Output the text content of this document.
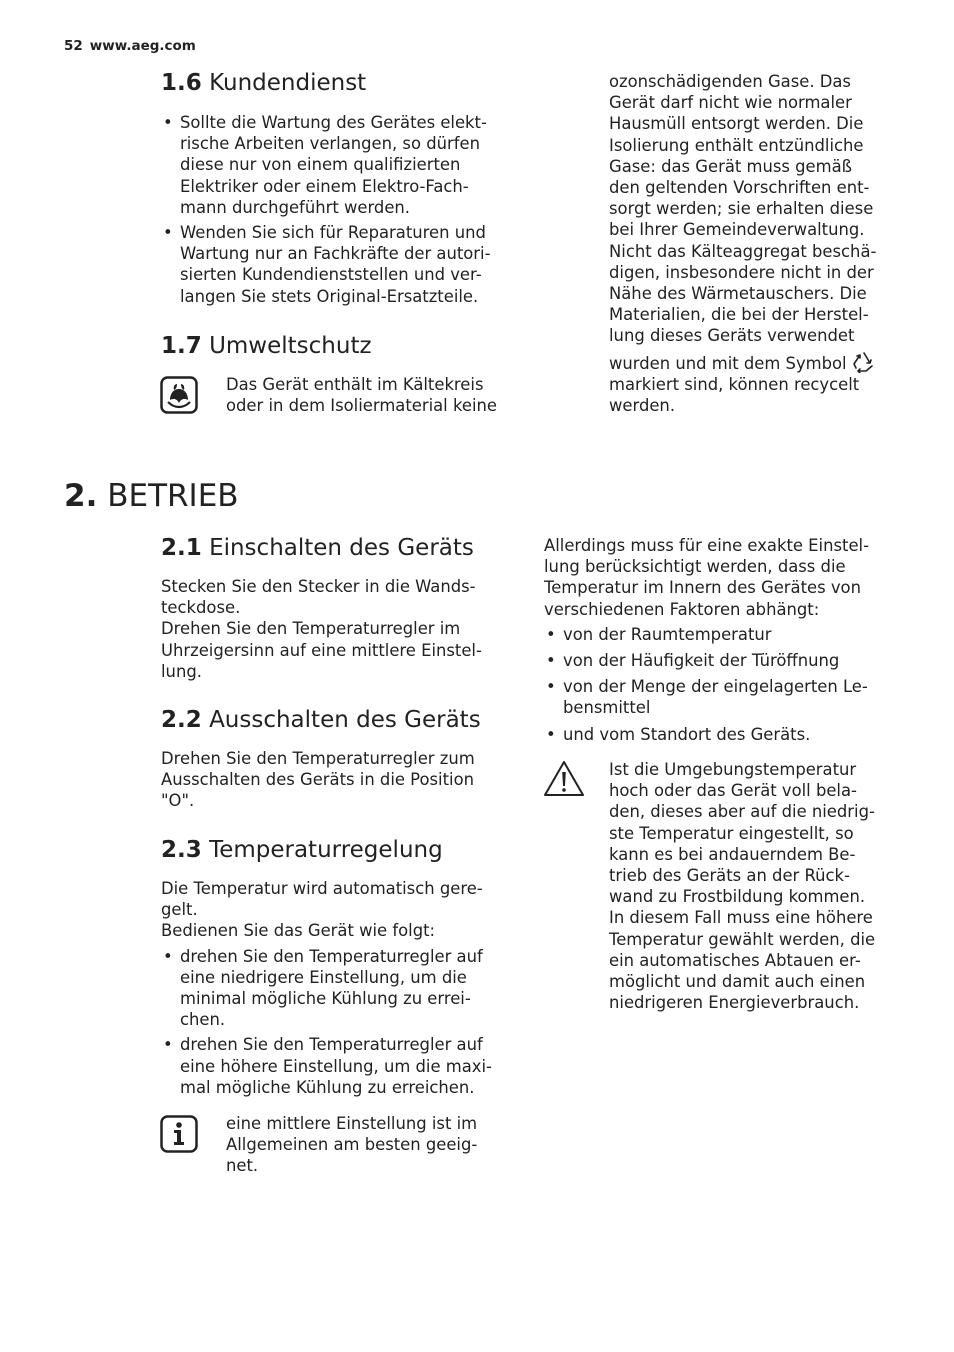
52 www.aeg.com
1.6 Kundendienst
• Sollte die Wartung des Gerätes elekt-
rische Arbeiten verlangen, so dürfen
diese nur von einem qualifizierten
Elektriker oder einem Elektro-Fach-
mann durchgeführt werden.
• Wenden Sie sich für Reparaturen und
Wartung nur an Fachkräfte der autori-
sierten Kundendienststellen und ver-
langen Sie stets Original-Ersatzteile.
1.7 Umweltschutz

Das Gerät enthält im Kältekreis

oder in dem Isoliermaterial keine

ozonschädigenden Gase. Das

Gerät darf nicht wie normaler

Hausmüll entsorgt werden. Die

Isolierung enthält entzündliche

Gase: das Gerät muss gemäß

den geltenden Vorschriften ent-

sorgt werden; sie erhalten diese

bei Ihrer Gemeindeverwaltung.

Nicht das Kälteaggregat beschä-

digen, insbesondere nicht in der

Nähe des Wärmetauschers. Die

Materialien, die bei der Herstel-

lung dieses Geräts verwendet

wurden und mit dem Symbol

markiert sind, können recycelt

werden.

2. BETRIEB
2.1 Einschalten des Geräts

Stecken Sie den Stecker in die Wands-

teckdose.

Drehen Sie den Temperaturregler im

Uhrzeigersinn auf eine mittlere Einstel-

lung.

2.2 Ausschalten des Geräts

Drehen Sie den Temperaturregler zum

Ausschalten des Geräts in die Position

"O".

2.3 Temperaturregelung

Die Temperatur wird automatisch gere-

gelt.

Bedienen Sie das Gerät wie folgt:

• drehen Sie den Temperaturregler auf
eine niedrigere Einstellung, um die
minimal mögliche Kühlung zu errei-
chen.
• drehen Sie den Temperaturregler auf
eine höhere Einstellung, um die maxi-
mal mögliche Kühlung zu erreichen.

eine mittlere Einstellung ist im

Allgemeinen am besten geeig-

net.

Allerdings muss für eine exakte Einstel-

lung berücksichtigt werden, dass die

Temperatur im Innern des Gerätes von

verschiedenen Faktoren abhängt:

• von der Raumtemperatur
• von der Häufigkeit der Türöffnung
• von der Menge der eingelagerten Le-
bensmittel
• und vom Standort des Geräts.

Ist die Umgebungstemperatur

hoch oder das Gerät voll bela-

den, dieses aber auf die niedrig-

ste Temperatur eingestellt, so

kann es bei andauerndem Be-

trieb des Geräts an der Rück-

wand zu Frostbildung kommen.

In diesem Fall muss eine höhere

Temperatur gewählt werden, die

ein automatisches Abtauen er-

möglicht und damit auch einen

niedrigeren Energieverbrauch.
